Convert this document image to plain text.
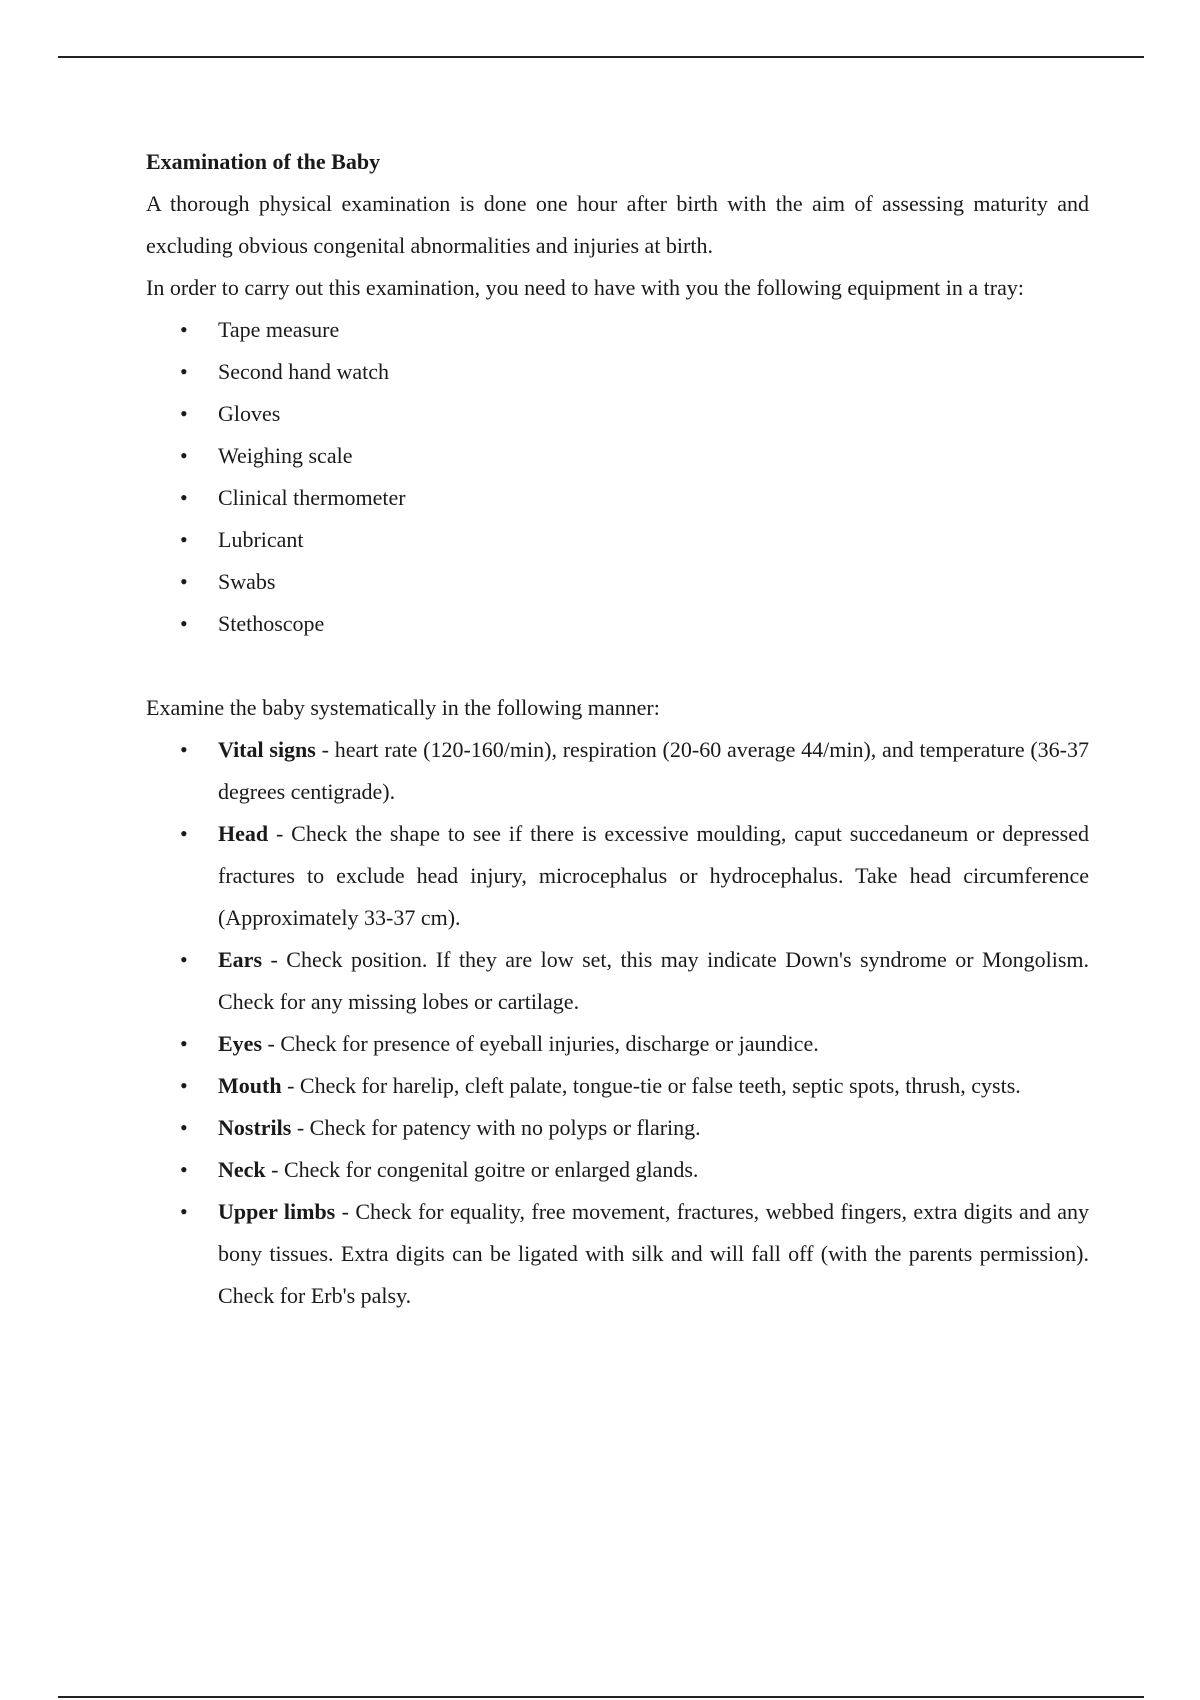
Examination of the Baby

A thorough physical examination is done one hour after birth with the aim of assessing maturity and excluding obvious congenital abnormalities and injuries at birth.

In order to carry out this examination, you need to have with you the following equipment in a tray:

• Tape measure
• Second hand watch
• Gloves
• Weighing scale
• Clinical thermometer
• Lubricant
• Swabs
• Stethoscope

Examine the baby systematically in the following manner:

• Vital signs - heart rate (120-160/min), respiration (20-60 average 44/min), and temperature (36-37 degrees centigrade).
• Head - Check the shape to see if there is excessive moulding, caput succedaneum or depressed fractures to exclude head injury, microcephalus or hydrocephalus. Take head circumference (Approximately 33-37 cm).
• Ears - Check position. If they are low set, this may indicate Down's syndrome or Mongolism. Check for any missing lobes or cartilage.
• Eyes - Check for presence of eyeball injuries, discharge or jaundice.
• Mouth - Check for harelip, cleft palate, tongue-tie or false teeth, septic spots, thrush, cysts.
• Nostrils - Check for patency with no polyps or flaring.
• Neck - Check for congenital goitre or enlarged glands.
• Upper limbs - Check for equality, free movement, fractures, webbed fingers, extra digits and any bony tissues. Extra digits can be ligated with silk and will fall off (with the parents permission). Check for Erb's palsy.
